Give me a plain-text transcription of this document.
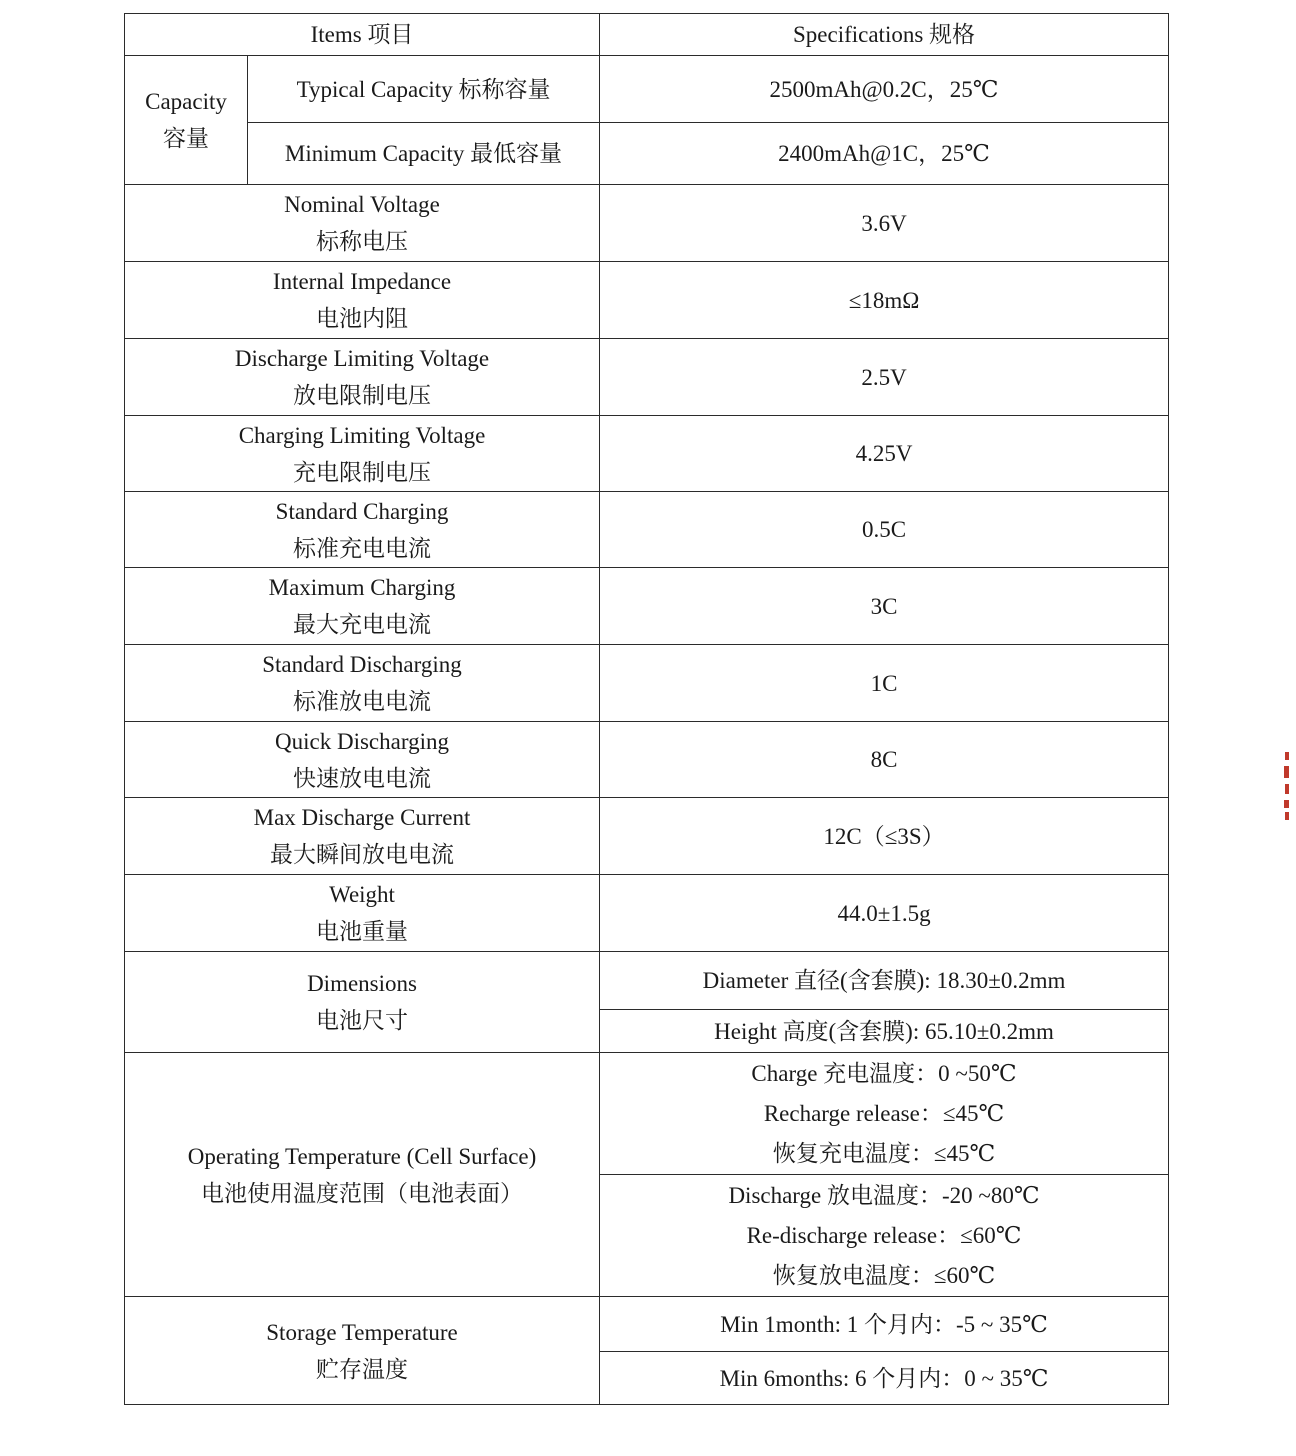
Items 项目		Specifications 规格

Capacity
容量	Typical Capacity 标称容量	2500mAh@0.2C，25℃
	Minimum Capacity 最低容量	2400mAh@1C，25℃

Nominal Voltage
标称电压		3.6V

Internal Impedance
电池内阻		≤18mΩ

Discharge Limiting Voltage
放电限制电压		2.5V

Charging Limiting Voltage
充电限制电压		4.25V

Standard Charging
标准充电电流		0.5C

Maximum Charging
最大充电电流		3C

Standard Discharging
标准放电电流		1C

Quick Discharging
快速放电电流		8C

Max Discharge Current
最大瞬间放电电流		12C（≤3S）

Weight
电池重量		44.0±1.5g

Dimensions
电池尺寸		Diameter 直径(含套膜): 18.30±0.2mm
		Height 高度(含套膜): 65.10±0.2mm

Operating Temperature (Cell Surface)
电池使用温度范围（电池表面）		Charge 充电温度：0 ~50℃
Recharge release：≤45℃
恢复充电温度：≤45℃

		Discharge 放电温度：-20 ~80℃
Re-discharge release：≤60℃
恢复放电温度：≤60℃

Storage Temperature
贮存温度		Min 1month: 1 个月内：-5 ~ 35℃
		Min 6months: 6 个月内：0 ~ 35℃
